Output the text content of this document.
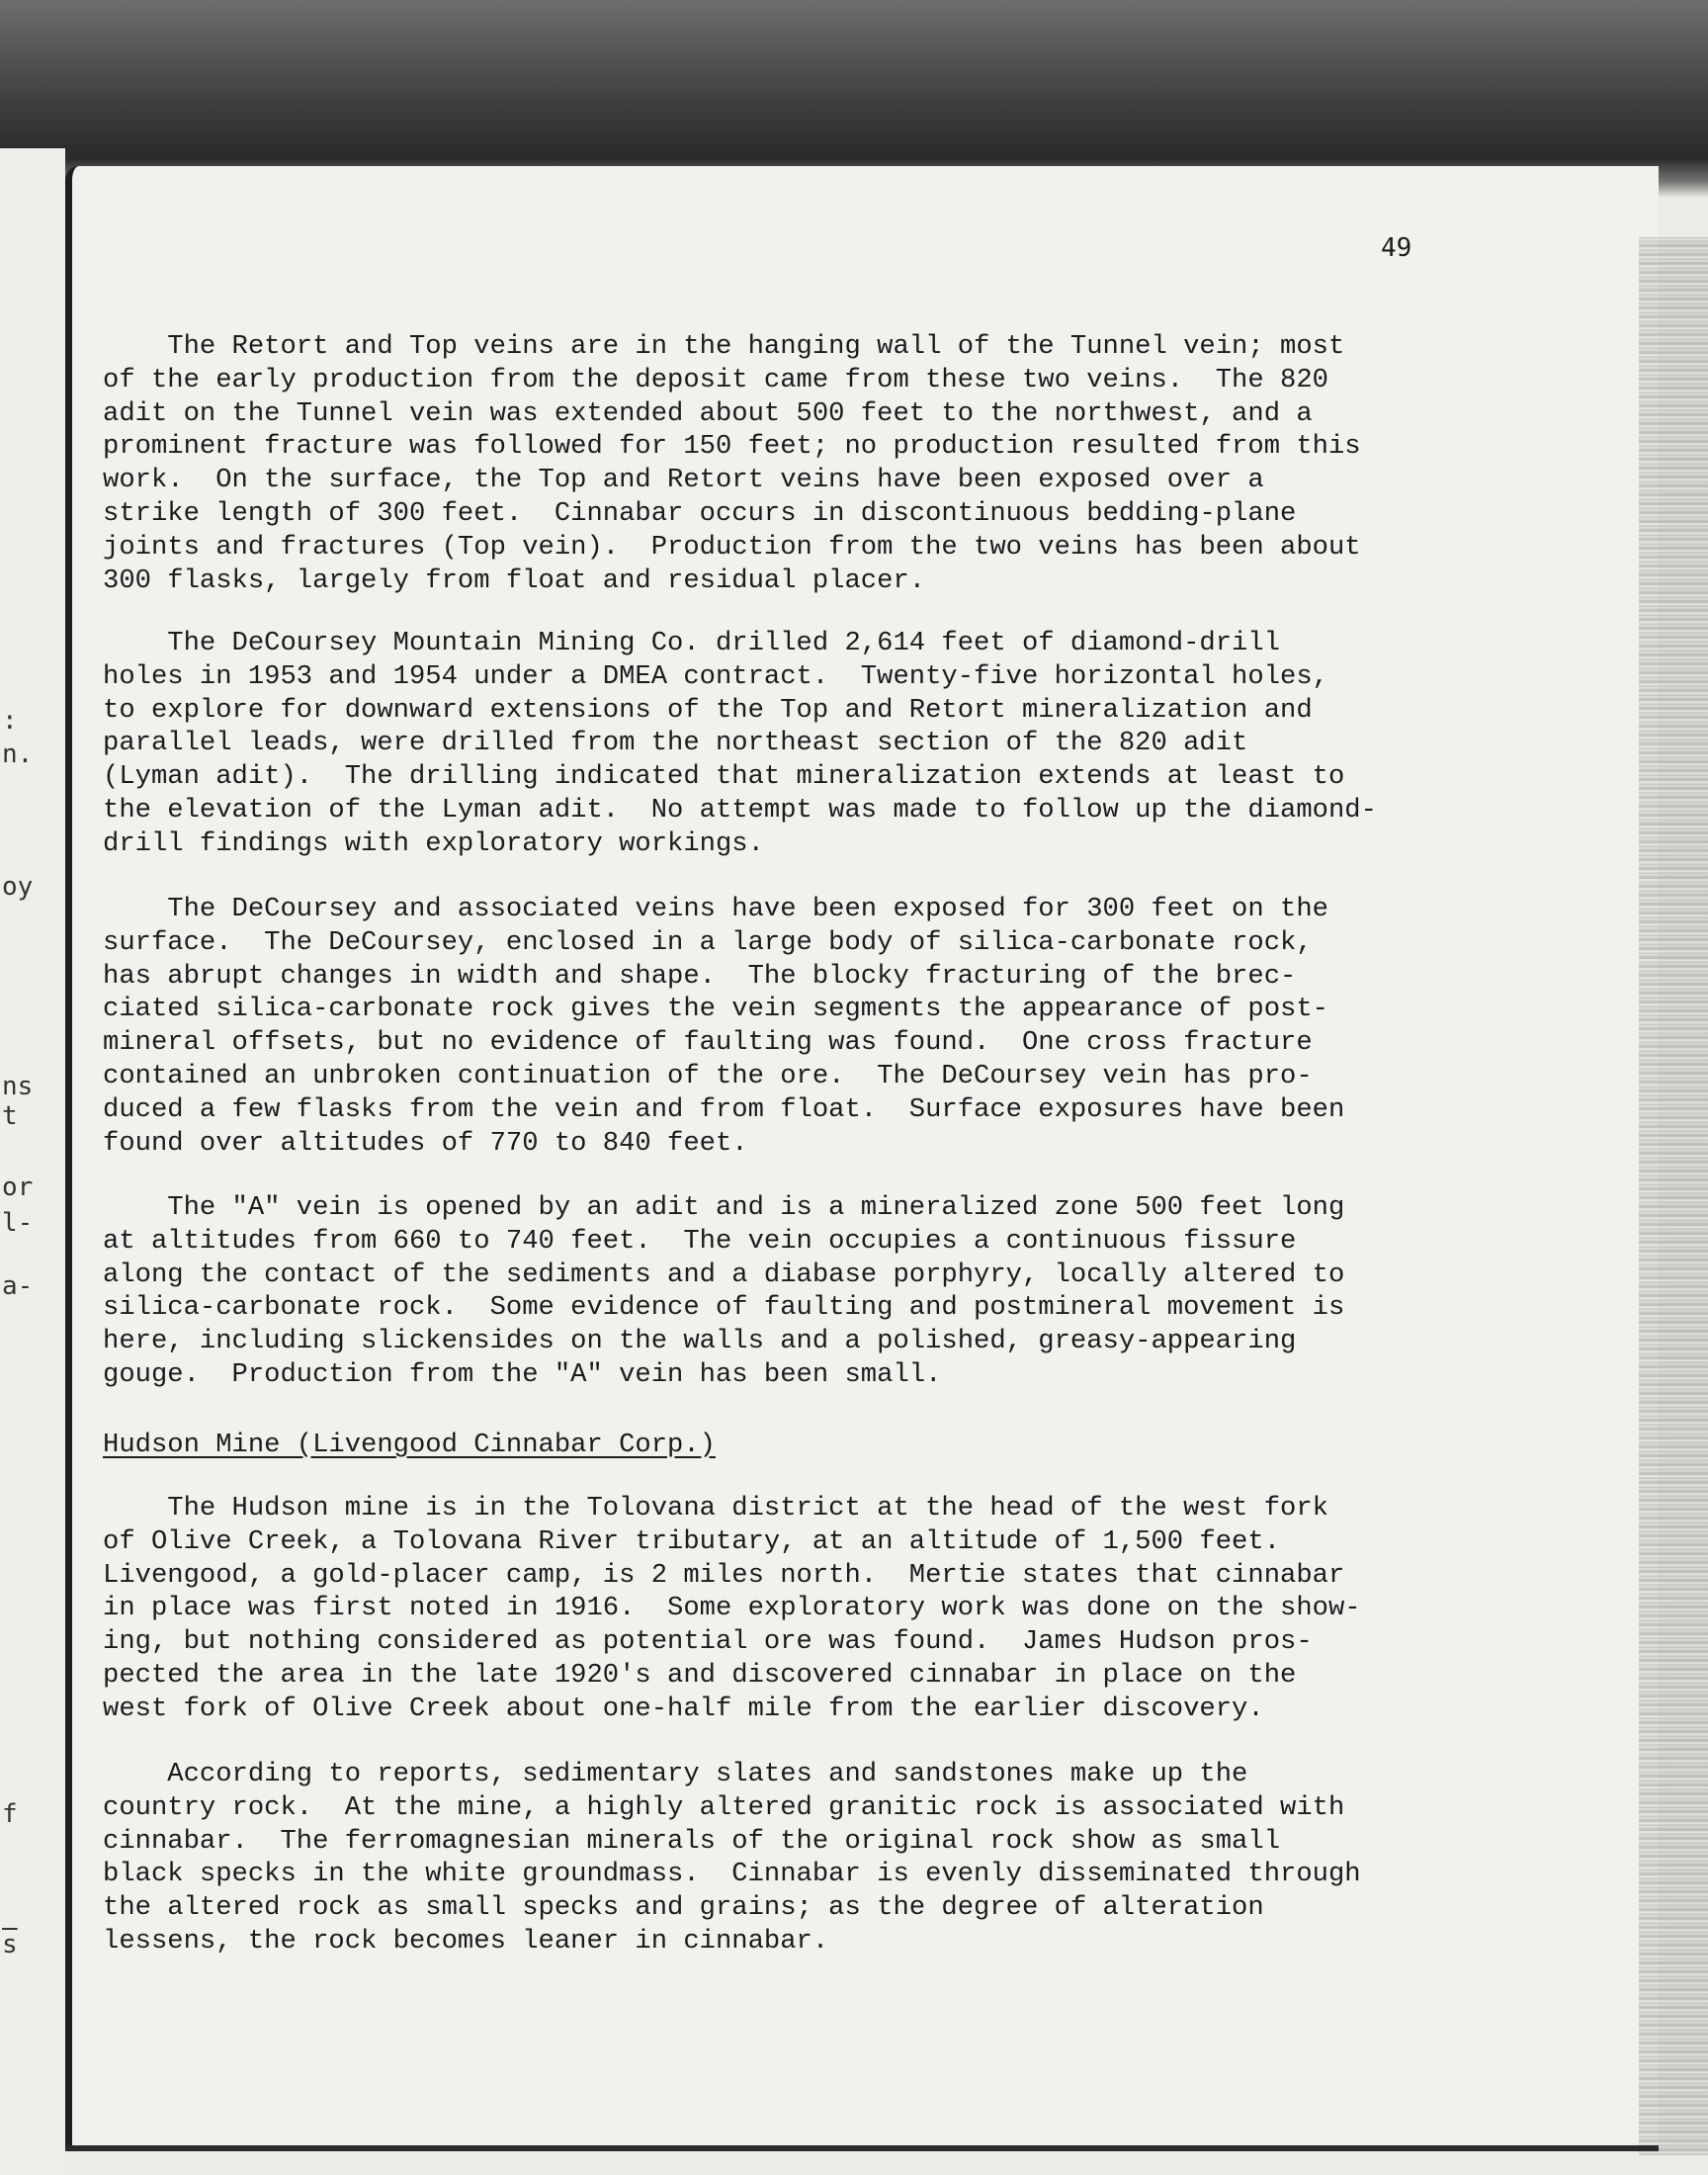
:
n.
oy
ns
t
or
l-
a-
f
$\overline{s}$
49

The Retort and Top veins are in the hanging wall of the Tunnel vein; most
of the early production from the deposit came from these two veins.  The 820
adit on the Tunnel vein was extended about 500 feet to the northwest, and a
prominent fracture was followed for 150 feet; no production resulted from this
work.  On the surface, the Top and Retort veins have been exposed over a
strike length of 300 feet.  Cinnabar occurs in discontinuous bedding-plane
joints and fractures (Top vein).  Production from the two veins has been about
300 flasks, largely from float and residual placer.

The DeCoursey Mountain Mining Co. drilled 2,614 feet of diamond-drill
holes in 1953 and 1954 under a DMEA contract.  Twenty-five horizontal holes,
to explore for downward extensions of the Top and Retort mineralization and
parallel leads, were drilled from the northeast section of the 820 adit
(Lyman adit).  The drilling indicated that mineralization extends at least to
the elevation of the Lyman adit.  No attempt was made to follow up the diamond-
drill findings with exploratory workings.

The DeCoursey and associated veins have been exposed for 300 feet on the
surface.  The DeCoursey, enclosed in a large body of silica-carbonate rock,
has abrupt changes in width and shape.  The blocky fracturing of the brec-
ciated silica-carbonate rock gives the vein segments the appearance of post-
mineral offsets, but no evidence of faulting was found.  One cross fracture
contained an unbroken continuation of the ore.  The DeCoursey vein has pro-
duced a few flasks from the vein and from float.  Surface exposures have been
found over altitudes of 770 to 840 feet.

The "A" vein is opened by an adit and is a mineralized zone 500 feet long
at altitudes from 660 to 740 feet.  The vein occupies a continuous fissure
along the contact of the sediments and a diabase porphyry, locally altered to
silica-carbonate rock.  Some evidence of faulting and postmineral movement is
here, including slickensides on the walls and a polished, greasy-appearing
gouge.  Production from the "A" vein has been small.

Hudson Mine (Livengood Cinnabar Corp.)

The Hudson mine is in the Tolovana district at the head of the west fork
of Olive Creek, a Tolovana River tributary, at an altitude of 1,500 feet.
Livengood, a gold-placer camp, is 2 miles north.  Mertie states that cinnabar
in place was first noted in 1916.  Some exploratory work was done on the show-
ing, but nothing considered as potential ore was found.  James Hudson pros-
pected the area in the late 1920's and discovered cinnabar in place on the
west fork of Olive Creek about one-half mile from the earlier discovery.

According to reports, sedimentary slates and sandstones make up the
country rock.  At the mine, a highly altered granitic rock is associated with
cinnabar.  The ferromagnesian minerals of the original rock show as small
black specks in the white groundmass.  Cinnabar is evenly disseminated through
the altered rock as small specks and grains; as the degree of alteration
lessens, the rock becomes leaner in cinnabar.
